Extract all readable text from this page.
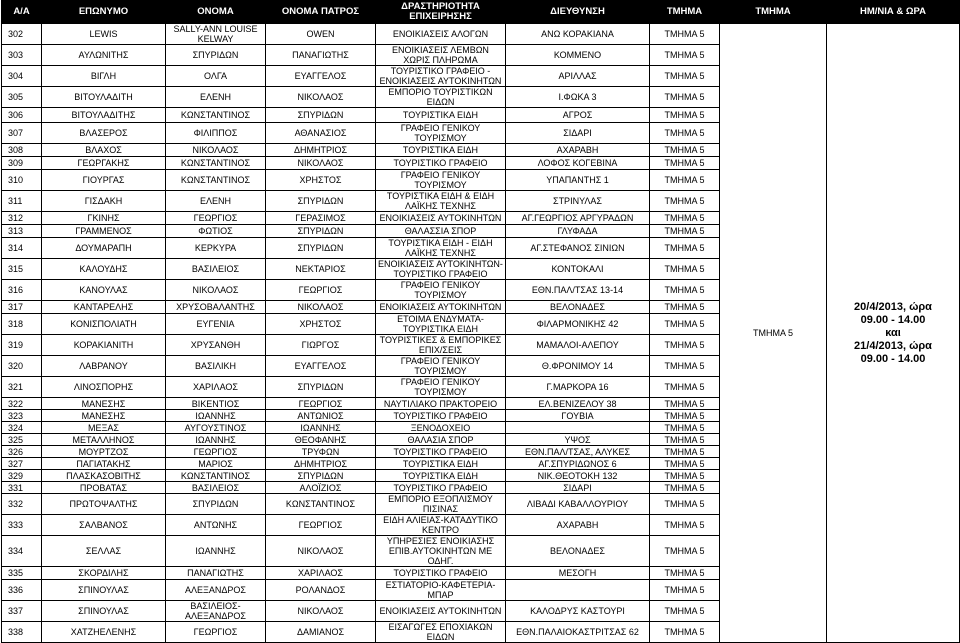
A/A	ΕΠΩΝΥΜΟ	ΟΝΟΜΑ	ΟΝΟΜΑ ΠΑΤΡΟΣ	ΔΡΑΣΤΗΡΙΟΤΗΤΑ ΕΠΙΧΕΙΡΗΣΗΣ	ΔΙΕΥΘΥΝΣΗ	ΤΜΗΜΑ	ΤΜΗΜΑ	ΗΜ/ΝΙΑ & ΩΡΑ
302	LEWIS	SALLY-ANN LOUISE KELWAY	OWEN	ΕΝΟΙΚΙΑΣΕΙΣ ΑΛΟΓΩΝ	ΑΝΩ ΚΟΡΑΚΙΑΝΑ	ΤΜΗΜΑ 5	ΤΜΗΜΑ 5	20/4/2013, ώρα
09.00 - 14.00
και
21/4/2013, ώρα
09.00 - 14.00

303	ΑΥΛΩΝΙΤΗΣ	ΣΠΥΡΙΔΩΝ	ΠΑΝΑΓΙΩΤΗΣ	ΕΝΟΙΚΙΑΣΕΙΣ ΛΕΜΒΩΝ ΧΩΡΙΣ ΠΛΗΡΩΜΑ	ΚΟΜΜΕΝΟ	ΤΜΗΜΑ 5		
304	ΒΙΓΛΗ	ΟΛΓΑ	ΕΥΑΓΓΕΛΟΣ	ΤΟΥΡΙΣΤΙΚΟ ΓΡΑΦΕΙΟ - ΕΝΟΙΚΙΑΣΕΙΣ ΑΥΤΟΚΙΝΗΤΩΝ	ΑΡΙΛΛΑΣ	ΤΜΗΜΑ 5		
305	ΒΙΤΟΥΛΑΔΙΤΗ	ΕΛΕΝΗ	ΝΙΚΟΛΑΟΣ	ΕΜΠΟΡΙΟ ΤΟΥΡΙΣΤΙΚΩΝ ΕΙΔΩΝ	Ι.ΦΩΚΑ 3	ΤΜΗΜΑ 5		
306	ΒΙΤΟΥΛΑΔΙΤΗΣ	ΚΩΝΣΤΑΝΤΙΝΟΣ	ΣΠΥΡΙΔΩΝ	ΤΟΥΡΙΣΤΙΚΑ ΕΙΔΗ	ΑΓΡΟΣ	ΤΜΗΜΑ 5		
307	ΒΛΑΣΕΡΟΣ	ΦΙΛΙΠΠΟΣ	ΑΘΑΝΑΣΙΟΣ	ΓΡΑΦΕΙΟ ΓΕΝΙΚΟΥ ΤΟΥΡΙΣΜΟΥ	ΣΙΔΑΡΙ	ΤΜΗΜΑ 5		
308	ΒΛΑΧΟΣ	ΝΙΚΟΛΑΟΣ	ΔΗΜΗΤΡΙΟΣ	ΤΟΥΡΙΣΤΙΚΑ ΕΙΔΗ	ΑΧΑΡΑΒΗ	ΤΜΗΜΑ 5		
309	ΓΕΩΡΓΑΚΗΣ	ΚΩΝΣΤΑΝΤΙΝΟΣ	ΝΙΚΟΛΑΟΣ	ΤΟΥΡΙΣΤΙΚΟ ΓΡΑΦΕΙΟ	ΛΟΦΟΣ ΚΟΓΕΒΙΝΑ	ΤΜΗΜΑ 5		
310	ΓΙΟΥΡΓΑΣ	ΚΩΝΣΤΑΝΤΙΝΟΣ	ΧΡΗΣΤΟΣ	ΓΡΑΦΕΙΟ ΓΕΝΙΚΟΥ ΤΟΥΡΙΣΜΟΥ	ΥΠΑΠΑΝΤΗΣ 1	ΤΜΗΜΑ 5		
311	ΓΙΣΔΑΚΗ	ΕΛΕΝΗ	ΣΠΥΡΙΔΩΝ	ΤΟΥΡΙΣΤΙΚΑ ΕΙΔΗ & ΕΙΔΗ ΛΑΪΚΗΣ ΤΕΧΝΗΣ	ΣΤΡΙΝΥΛΑΣ	ΤΜΗΜΑ 5		
312	ΓΚΙΝΗΣ	ΓΕΩΡΓΙΟΣ	ΓΕΡΑΣΙΜΟΣ	ΕΝΟΙΚΙΑΣΕΙΣ ΑΥΤΟΚΙΝΗΤΩΝ	ΑΓ.ΓΕΩΡΓΙΟΣ ΑΡΓΥΡΑΔΩΝ	ΤΜΗΜΑ 5		
313	ΓΡΑΜΜΕΝΟΣ	ΦΩΤΙΟΣ	ΣΠΥΡΙΔΩΝ	ΘΑΛΑΣΣΙΑ ΣΠΟΡ	ΓΛΥΦΑΔΑ	ΤΜΗΜΑ 5		
314	ΔΟΥΜΑΡΑΠΗ	ΚΕΡΚΥΡΑ	ΣΠΥΡΙΔΩΝ	ΤΟΥΡΙΣΤΙΚΑ ΕΙΔΗ - ΕΙΔΗ ΛΑΪΚΗΣ ΤΕΧΝΗΣ	ΑΓ.ΣΤΕΦΑΝΟΣ ΣΙΝΙΩΝ	ΤΜΗΜΑ 5		
315	ΚΑΛΟΥΔΗΣ	ΒΑΣΙΛΕΙΟΣ	ΝΕΚΤΑΡΙΟΣ	ΕΝΟΙΚΙΑΣΕΙΣ ΑΥΤΟΚΙΝΗΤΩΝ-ΤΟΥΡΙΣΤΙΚΟ ΓΡΑΦΕΙΟ	ΚΟΝΤΟΚΑΛΙ	ΤΜΗΜΑ 5		
316	ΚΑΝΟΥΛΑΣ	ΝΙΚΟΛΑΟΣ	ΓΕΩΡΓΙΟΣ	ΓΡΑΦΕΙΟ ΓΕΝΙΚΟΥ ΤΟΥΡΙΣΜΟΥ	ΕΘΝ.ΠΑΛ/ΤΣΑΣ 13-14	ΤΜΗΜΑ 5		
317	ΚΑΝΤΑΡΕΛΗΣ	ΧΡΥΣΟΒΑΛΑΝΤΗΣ	ΝΙΚΟΛΑΟΣ	ΕΝΟΙΚΙΑΣΕΙΣ ΑΥΤΟΚΙΝΗΤΩΝ	ΒΕΛΟΝΑΔΕΣ	ΤΜΗΜΑ 5		
318	ΚΟΝΙΣΠΟΛΙΑΤΗ	ΕΥΓΕΝΙΑ	ΧΡΗΣΤΟΣ	ΕΤΟΙΜΑ ΕΝΔΥΜΑΤΑ-ΤΟΥΡΙΣΤΙΚΑ ΕΙΔΗ	ΦΙΛΑΡΜΟΝΙΚΗΣ 42	ΤΜΗΜΑ 5		
319	ΚΟΡΑΚΙΑΝΙΤΗ	ΧΡΥΣΑΝΘΗ	ΓΙΩΡΓΟΣ	ΤΟΥΡΙΣΤΙΚΕΣ & ΕΜΠΟΡΙΚΕΣ ΕΠΙΧ/ΣΕΙΣ	ΜΑΜΑΛΟΙ-ΑΛΕΠΟΥ	ΤΜΗΜΑ 5		
320	ΛΑΒΡΑΝΟΥ	ΒΑΣΙΛΙΚΗ	ΕΥΑΓΓΕΛΟΣ	ΓΡΑΦΕΙΟ ΓΕΝΙΚΟΥ ΤΟΥΡΙΣΜΟΥ	Θ.ΦΡΟΝΙΜΟΥ 14	ΤΜΗΜΑ 5		
321	ΛΙΝΟΣΠΟΡΗΣ	ΧΑΡΙΛΑΟΣ	ΣΠΥΡΙΔΩΝ	ΓΡΑΦΕΙΟ ΓΕΝΙΚΟΥ ΤΟΥΡΙΣΜΟΥ	Γ.ΜΑΡΚΟΡΑ 16	ΤΜΗΜΑ 5		
322	ΜΑΝΕΣΗΣ	ΒΙΚΕΝΤΙΟΣ	ΓΕΩΡΓΙΟΣ	ΝΑΥΤΙΛΙΑΚΟ ΠΡΑΚΤΟΡΕΙΟ	ΕΛ.ΒΕΝΙΖΕΛΟΥ 38	ΤΜΗΜΑ 5		
323	ΜΑΝΕΣΗΣ	ΙΩΑΝΝΗΣ	ΑΝΤΩΝΙΟΣ	ΤΟΥΡΙΣΤΙΚΟ ΓΡΑΦΕΙΟ	ΓΟΥΒΙΑ	ΤΜΗΜΑ 5		
324	ΜΕΞΑΣ	ΑΥΓΟΥΣΤΙΝΟΣ	ΙΩΑΝΝΗΣ	ΞΕΝΟΔΟΧΕΙΟ		ΤΜΗΜΑ 5		
325	ΜΕΤΑΛΛΗΝΟΣ	ΙΩΑΝΝΗΣ	ΘΕΟΦΑΝΗΣ	ΘΑΛΑΣΙΑ ΣΠΟΡ	ΥΨΟΣ	ΤΜΗΜΑ 5		
326	ΜΟΥΡΤΖΟΣ	ΓΕΩΡΓΙΟΣ	ΤΡΥΦΩΝ	ΤΟΥΡΙΣΤΙΚΟ ΓΡΑΦΕΙΟ	ΕΘΝ.ΠΑΛ/ΤΣΑΣ, ΑΛΥΚΕΣ	ΤΜΗΜΑ 5		
327	ΠΑΓΙΑΤΑΚΗΣ	ΜΑΡΙΟΣ	ΔΗΜΗΤΡΙΟΣ	ΤΟΥΡΙΣΤΙΚΑ ΕΙΔΗ	ΑΓ.ΣΠΥΡΙΔΩΝΟΣ 6	ΤΜΗΜΑ 5		
329	ΠΛΑΣΚΑΣΟΒΙΤΗΣ	ΚΩΝΣΤΑΝΤΙΝΟΣ	ΣΠΥΡΙΔΩΝ	ΤΟΥΡΙΣΤΙΚΑ ΕΙΔΗ	ΝΙΚ.ΘΕΟΤΟΚΗ 132	ΤΜΗΜΑ 5		
331	ΠΡΟΒΑΤΑΣ	ΒΑΣΙΛΕΙΟΣ	ΑΛΟΪΖΙΟΣ	ΤΟΥΡΙΣΤΙΚΟ ΓΡΑΦΕΙΟ	ΣΙΔΑΡΙ	ΤΜΗΜΑ 5		
332	ΠΡΩΤΟΨΑΛΤΗΣ	ΣΠΥΡΙΔΩΝ	ΚΩΝΣΤΑΝΤΙΝΟΣ	ΕΜΠΟΡΙΟ ΕΞΟΠΛΙΣΜΟΥ ΠΙΣΙΝΑΣ	ΛΙΒΑΔΙ ΚΑΒΑΛΛΟΥΡΙΟΥ	ΤΜΗΜΑ 5		
333	ΣΑΛΒΑΝΟΣ	ΑΝΤΩΝΗΣ	ΓΕΩΡΓΙΟΣ	ΕΙΔΗ ΑΛΙΕΙΑΣ-ΚΑΤΑΔΥΤΙΚΟ ΚΕΝΤΡΟ	ΑΧΑΡΑΒΗ	ΤΜΗΜΑ 5		
334	ΣΕΛΛΑΣ	ΙΩΑΝΝΗΣ	ΝΙΚΟΛΑΟΣ	ΥΠΗΡΕΣΙΕΣ ΕΝΟΙΚΙΑΣΗΣ ΕΠΙΒ.ΑΥΤΟΚΙΝΗΤΩΝ ΜΕ ΟΔΗΓ.	ΒΕΛΟΝΑΔΕΣ	ΤΜΗΜΑ 5		
335	ΣΚΟΡΔΙΛΗΣ	ΠΑΝΑΓΙΩΤΗΣ	ΧΑΡΙΛΑΟΣ	ΤΟΥΡΙΣΤΙΚΟ ΓΡΑΦΕΙΟ	ΜΕΣΟΓΗ	ΤΜΗΜΑ 5		
336	ΣΠΙΝΟΥΛΑΣ	ΑΛΕΞΑΝΔΡΟΣ	ΡΟΛΑΝΔΟΣ	ΕΣΤΙΑΤΟΡΙΟ-ΚΑΦΕΤΕΡΙΑ-ΜΠΑΡ		ΤΜΗΜΑ 5		
337	ΣΠΙΝΟΥΛΑΣ	ΒΑΣΙΛΕΙΟΣ-ΑΛΕΞΑΝΔΡΟΣ	ΝΙΚΟΛΑΟΣ	ΕΝΟΙΚΙΑΣΕΙΣ ΑΥΤΟΚΙΝΗΤΩΝ	ΚΑΛΟΔΡΥΣ ΚΑΣΤΟΥΡΙ	ΤΜΗΜΑ 5		
338	ΧΑΤΖΗΕΛΕΝΗΣ	ΓΕΩΡΓΙΟΣ	ΔΑΜΙΑΝΟΣ	ΕΙΣΑΓΩΓΕΣ ΕΠΟΧΙΑΚΩΝ ΕΙΔΩΝ	ΕΘΝ.ΠΑΛΑΙΟΚΑΣΤΡΙΤΣΑΣ 62	ΤΜΗΜΑ 5		
